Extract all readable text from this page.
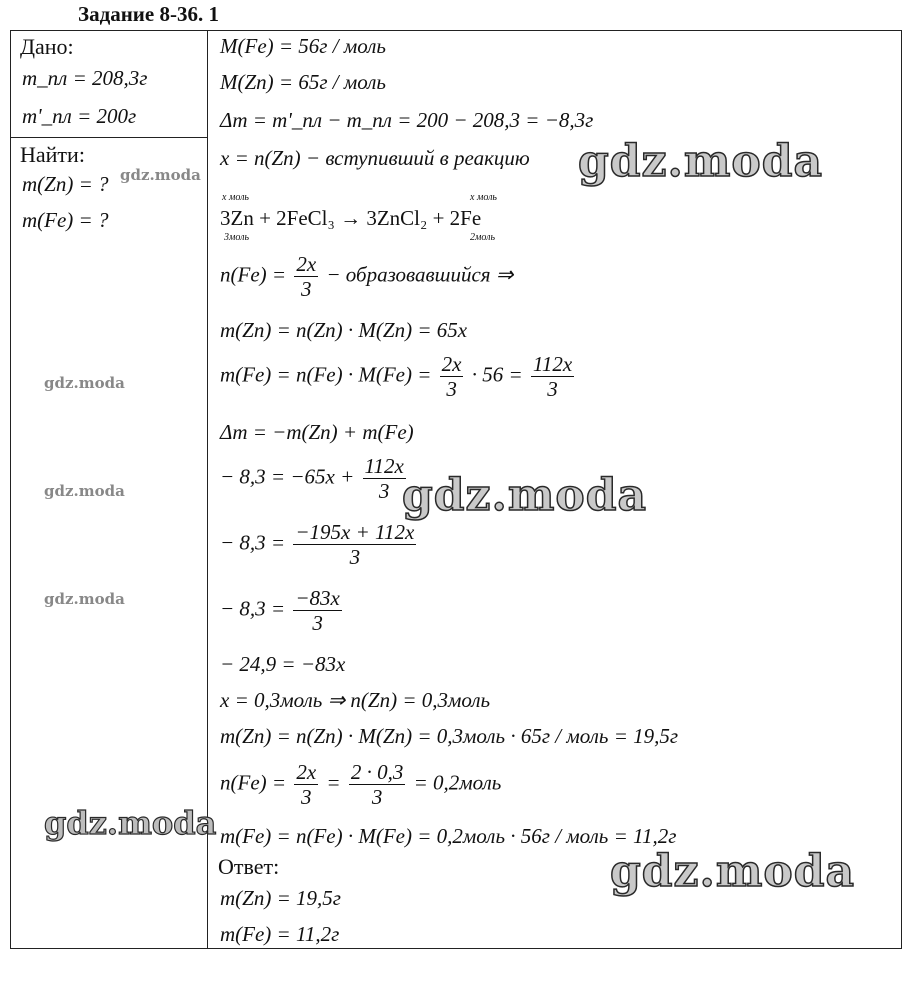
Задание 8-36. 1
Дано:
m_пл = 208,3г
m'_пл = 200г
Найти:
m(Zn) = ?
m(Fe) = ?
M(Fe) = 56г / моль
M(Zn) = 65г / моль
Δm = m'_пл − m_пл = 200 − 208,3 = −8,3г
x = n(Zn) − вступивший в реакцию
x моль	x моль
3Zn + 2FeCl₃ → 3ZnCl₂ + 2Fe
3моль	2моль
$n(Fe) = \frac{2x}{3}$ − образовавшийся ⇒
m(Zn) = n(Zn) · M(Zn) = 65x
$m(Fe) = n(Fe) \cdot M(Fe) = \frac{2x}{3} \cdot 56 = \frac{112x}{3}$
Δm = −m(Zn) + m(Fe)
− $8,3 = -65x + \frac{112x}{3}$
− $8,3 = \frac{-195x + 112x}{3}$
− $8,3 = \frac{-83x}{3}$
− 24,9 = −83x
x = 0,3моль ⇒ n(Zn) = 0,3моль
m(Zn) = n(Zn) · M(Zn) = 0,3моль · 65г / моль = 19,5г
$n(Fe) = \frac{2x}{3} = \frac{2 \cdot 0,3}{3}$ = 0,2моль
m(Fe) = n(Fe) · M(Fe) = 0,2моль · 56г / моль = 11,2г
Ответ:
m(Zn) = 19,5г
m(Fe) = 11,2г
gdz.moda
gdz.moda
gdz.moda
gdz.moda
gdz.moda
gdz.moda
gdz.moda
gdz.moda
